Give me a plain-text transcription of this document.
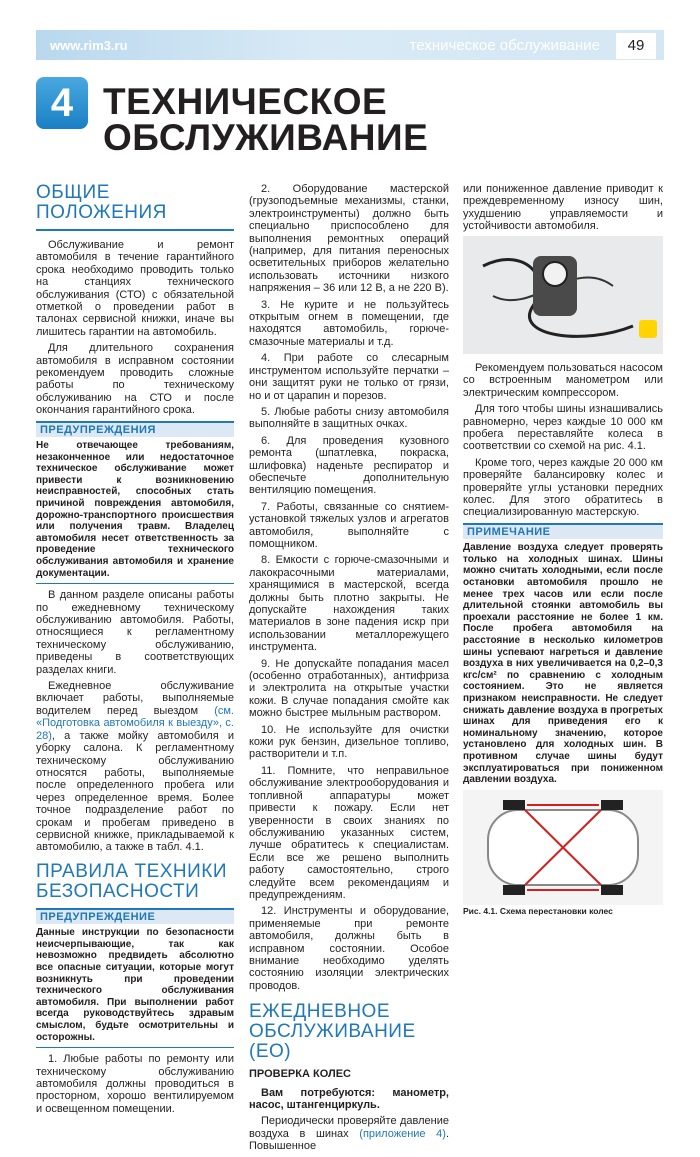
www.rim3.ru	техническое обслуживание	49
4 ТЕХНИЧЕСКОЕ
ОБСЛУЖИВАНИЕ
ОБЩИЕ ПОЛОЖЕНИЯ

Обслуживание и ремонт автомобиля в течение гарантийного срока необходимо проводить только на станциях технического обслуживания (СТО) с обязательной отметкой о проведении работ в талонах сервисной книжки, иначе вы лишитесь гарантии на автомобиль.

Для длительного сохранения автомобиля в исправном состоянии рекомендуем проводить сложные работы по техническому обслуживанию на СТО и после окончания гарантийного срока.

ПРЕДУПРЕЖДЕНИЯ
Не отвечающее требованиям, незаконченное или недостаточное техническое обслуживание может привести к возникновению неисправностей, способных стать причиной повреждения автомобиля, дорожно-транспортного происшествия или получения травм. Владелец автомобиля несет ответственность за проведение технического обслуживания автомобиля и хранение документации.

В данном разделе описаны работы по ежедневному техническому обслуживанию автомобиля. Работы, относящиеся к регламентному техническому обслуживанию, приведены в соответствующих разделах книги.

Ежедневное обслуживание включает работы, выполняемые водителем перед выездом (см. «Подготовка автомобиля к выезду», с. 28), а также мойку автомобиля и уборку салона. К регламентному техническому обслуживанию относятся работы, выполняемые после определенного пробега или через определенное время. Более точное подразделение работ по срокам и пробегам приведено в сервисной книжке, прикладываемой к автомобилю, а также в табл. 4.1.

ПРАВИЛА ТЕХНИКИ БЕЗОПАСНОСТИ
ПРЕДУПРЕЖДЕНИЕ
Данные инструкции по безопасности неисчерпывающие, так как невозможно предвидеть абсолютно все опасные ситуации, которые могут возникнуть при проведении технического обслуживания автомобиля. При выполнении работ всегда руководствуйтесь здравым смыслом, будьте осмотрительны и осторожны.

1. Любые работы по ремонту или техническому обслуживанию автомобиля должны проводиться в просторном, хорошо вентилируемом и освещенном помещении.

2. Оборудование мастерской (грузоподъемные механизмы, станки, электроинструменты) должно быть специально приспособлено для выполнения ремонтных операций (например, для питания переносных осветительных приборов желательно использовать источники низкого напряжения – 36 или 12 В, а не 220 В).

3. Не курите и не пользуйтесь открытым огнем в помещении, где находятся автомобиль, горюче-смазочные материалы и т.д.

4. При работе со слесарным инструментом используйте перчатки – они защитят руки не только от грязи, но и от царапин и порезов.

5. Любые работы снизу автомобиля выполняйте в защитных очках.

6. Для проведения кузовного ремонта (шпатлевка, покраска, шлифовка) наденьте респиратор и обеспечьте дополнительную вентиляцию помещения.

7. Работы, связанные со снятием-установкой тяжелых узлов и агрегатов автомобиля, выполняйте с помощником.

8. Емкости с горюче-смазочными и лакокрасочными материалами, хранящимися в мастерской, всегда должны быть плотно закрыты. Не допускайте нахождения таких материалов в зоне падения искр при использовании металлорежущего инструмента.

9. Не допускайте попадания масел (особенно отработанных), антифриза и электролита на открытые участки кожи. В случае попадания смойте как можно быстрее мыльным раствором.

10. Не используйте для очистки кожи рук бензин, дизельное топливо, растворители и т.п.

11. Помните, что неправильное обслуживание электрооборудования и топливной аппаратуры может привести к пожару. Если нет уверенности в своих знаниях по обслуживанию указанных систем, лучше обратитесь к специалистам. Если все же решено выполнить работу самостоятельно, строго следуйте всем рекомендациям и предупреждениям.

12. Инструменты и оборудование, применяемые при ремонте автомобиля, должны быть в исправном состоянии. Особое внимание необходимо уделять состоянию изоляции электрических проводов.

ЕЖЕДНЕВНОЕ ОБСЛУЖИВАНИЕ (ЕО)
ПРОВЕРКА КОЛЕС

Вам потребуются: манометр, насос, штангенциркуль.

Периодически проверяйте давление воздуха в шинах (приложение 4). Повышенное

или пониженное давление приводит к преждевременному износу шин, ухудшению управляемости и устойчивости автомобиля.

Рекомендуем пользоваться насосом со встроенным манометром или электрическим компрессором.

Для того чтобы шины изнашивались равномерно, через каждые 10 000 км пробега переставляйте колеса в соответствии со схемой на рис. 4.1.

Кроме того, через каждые 20 000 км проверяйте балансировку колес и проверяйте углы установки передних колес. Для этого обратитесь в специализированную мастерскую.

ПРИМЕЧАНИЕ
Давление воздуха следует проверять только на холодных шинах. Шины можно считать холодными, если после остановки автомобиля прошло не менее трех часов или если после длительной стоянки автомобиль вы проехали расстояние не более 1 км. После пробега автомобиля на расстояние в несколько километров шины успевают нагреться и давление воздуха в них увеличивается на 0,2–0,3 кгс/см² по сравнению с холодным состоянием. Это не является признаком неисправности. Не следует снижать давление воздуха в прогретых шинах для приведения его к номинальному значению, которое установлено для холодных шин. В противном случае шины будут эксплуатироваться при пониженном давлении воздуха.

Рис. 4.1. Схема перестановки колес
